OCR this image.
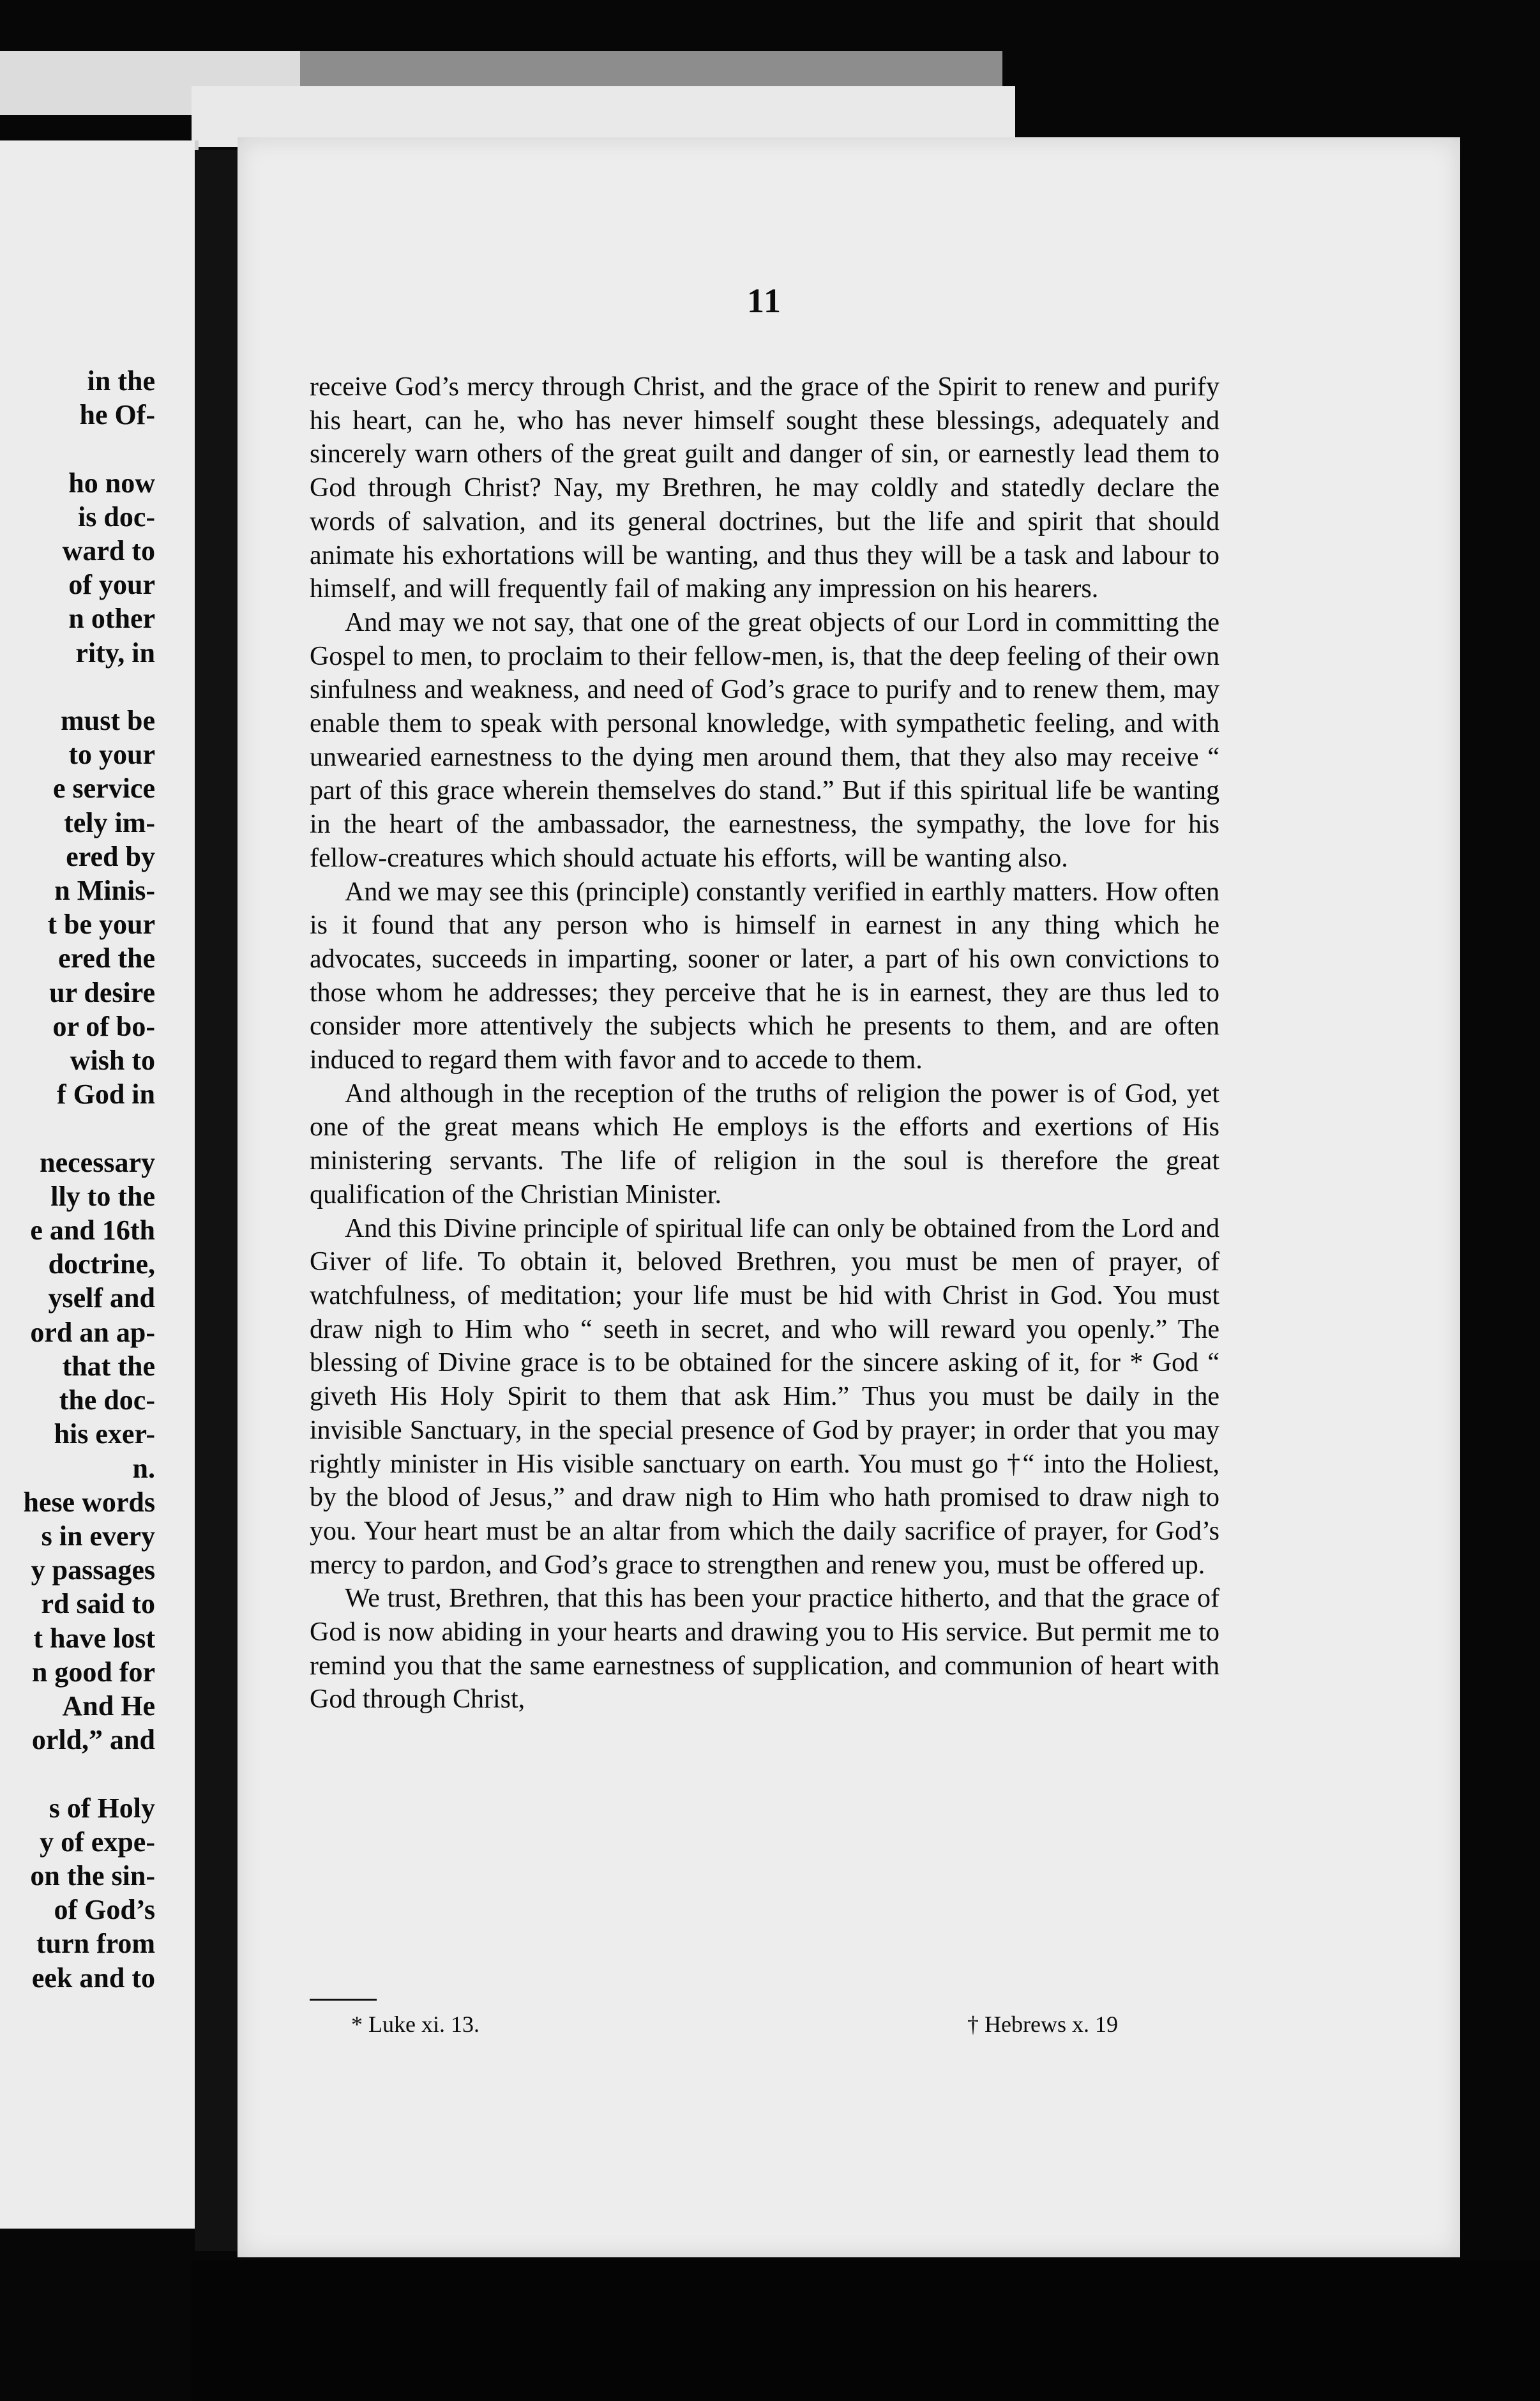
in the
he Of-

ho now
is doc-
ward to
of your
n other
rity, in

must be
to your
e service
tely im-
ered by
n Minis-
t be your
ered the
ur desire
or of bo-
wish to
f God in

necessary
lly to the
e and 16th
doctrine,
yself and
ord an ap-
that the
the doc-
his exer-
n.
hese words
s in every
y passages
rd said to
t have lost
n good for
And He
orld,” and

s of Holy
y of expe-
on the sin-
of God’s
turn from
eek and to
11

receive God’s mercy through Christ, and the grace of the Spirit to renew and purify his heart, can he, who has never himself sought these blessings, adequately and sincerely warn others of the great guilt and danger of sin, or earnestly lead them to God through Christ? Nay, my Brethren, he may coldly and statedly declare the words of salvation, and its general doctrines, but the life and spirit that should animate his exhortations will be wanting, and thus they will be a task and labour to himself, and will frequently fail of making any impression on his hearers.

And may we not say, that one of the great objects of our Lord in committing the Gospel to men, to proclaim to their fellow-men, is, that the deep feeling of their own sinfulness and weakness, and need of God’s grace to purify and to renew them, may enable them to speak with personal knowledge, with sympathetic feeling, and with unwearied earnestness to the dying men around them, that they also may receive “ part of this grace wherein themselves do stand.” But if this spiritual life be wanting in the heart of the ambassador, the earnestness, the sympathy, the love for his fellow-creatures which should actuate his efforts, will be wanting also.

And we may see this (principle) constantly verified in earthly matters. How often is it found that any person who is himself in earnest in any thing which he advocates, succeeds in imparting, sooner or later, a part of his own convictions to those whom he addresses; they perceive that he is in earnest, they are thus led to consider more attentively the subjects which he presents to them, and are often induced to regard them with favor and to accede to them.

And although in the reception of the truths of religion the power is of God, yet one of the great means which He employs is the efforts and exertions of His ministering servants. The life of religion in the soul is therefore the great qualification of the Christian Minister.

And this Divine principle of spiritual life can only be obtained from the Lord and Giver of life. To obtain it, beloved Brethren, you must be men of prayer, of watchfulness, of meditation; your life must be hid with Christ in God. You must draw nigh to Him who “ seeth in secret, and who will reward you openly.” The blessing of Divine grace is to be obtained for the sincere asking of it, for * God “ giveth His Holy Spirit to them that ask Him.” Thus you must be daily in the invisible Sanctuary, in the special presence of God by prayer; in order that you may rightly minister in His visible sanctuary on earth. You must go †“ into the Holiest, by the blood of Jesus,” and draw nigh to Him who hath promised to draw nigh to you. Your heart must be an altar from which the daily sacrifice of prayer, for God’s mercy to pardon, and God’s grace to strengthen and renew you, must be offered up.

We trust, Brethren, that this has been your practice hitherto, and that the grace of God is now abiding in your hearts and drawing you to His service. But permit me to remind you that the same earnestness of supplication, and communion of heart with God through Christ,

* Luke xi. 13.	† Hebrews x. 19
